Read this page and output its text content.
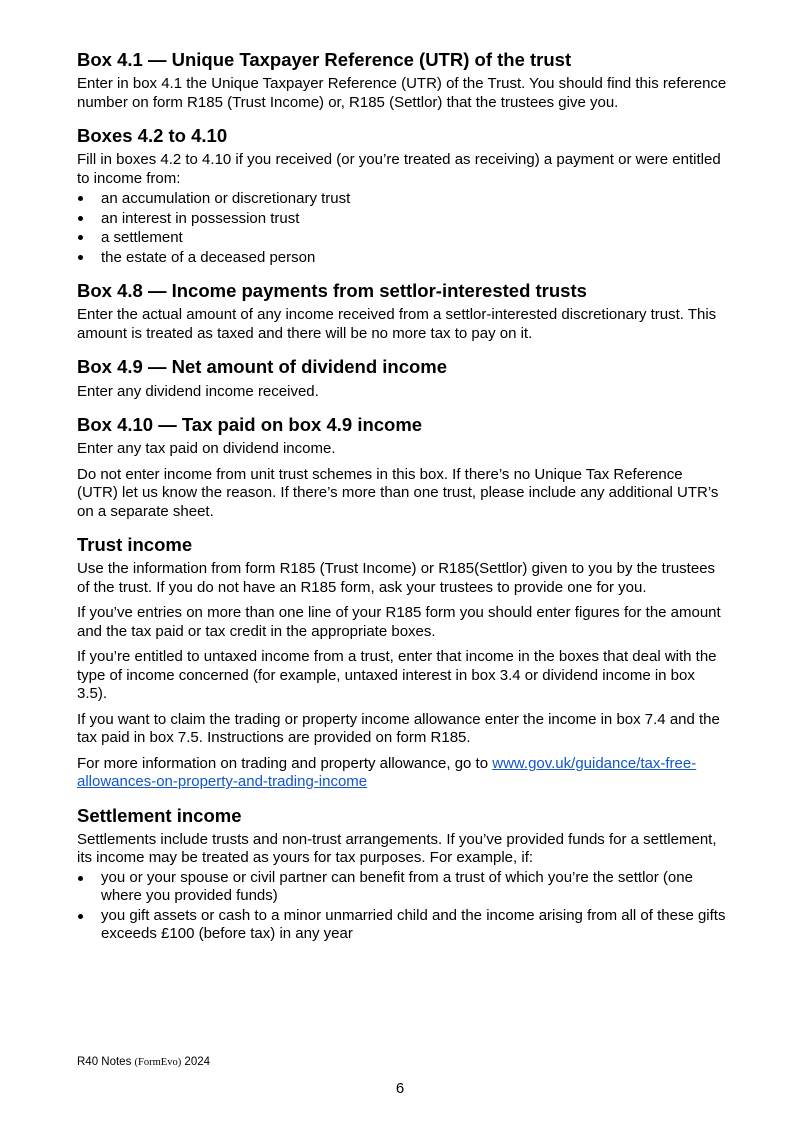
Box 4.1 — Unique Taxpayer Reference (UTR) of the trust

Enter in box 4.1 the Unique Taxpayer Reference (UTR) of the Trust. You should find this reference number on form R185 (Trust Income) or, R185 (Settlor) that the trustees give you.

Boxes 4.2 to 4.10

Fill in boxes 4.2 to 4.10 if you received (or you’re treated as receiving) a payment or were entitled to income from:

an accumulation or discretionary trust
an interest in possession trust
a settlement
the estate of a deceased person
Box 4.8 — Income payments from settlor-interested trusts

Enter the actual amount of any income received from a settlor-interested discretionary trust. This amount is treated as taxed and there will be no more tax to pay on it.

Box 4.9 — Net amount of dividend income

Enter any dividend income received.

Box 4.10 — Tax paid on box 4.9 income

Enter any tax paid on dividend income.

Do not enter income from unit trust schemes in this box. If there’s no Unique Tax Reference (UTR) let us know the reason. If there’s more than one trust, please include any additional UTR’s on a separate sheet.

Trust income

Use the information from form R185 (Trust Income) or R185(Settlor) given to you by the trustees of the trust. If you do not have an R185 form, ask your trustees to provide one for you.

If you’ve entries on more than one line of your R185 form you should enter figures for the amount and the tax paid or tax credit in the appropriate boxes.

If you’re entitled to untaxed income from a trust, enter that income in the boxes that deal with the type of income concerned (for example, untaxed interest in box 3.4 or dividend income in box 3.5).

If you want to claim the trading or property income allowance enter the income in box 7.4 and the tax paid in box 7.5. Instructions are provided on form R185.

For more information on trading and property allowance, go to www.gov.uk/guidance/tax-free-allowances-on-property-and-trading-income

Settlement income

Settlements include trusts and non-trust arrangements. If you’ve provided funds for a settlement, its income may be treated as yours for tax purposes. For example, if:

you or your spouse or civil partner can benefit from a trust of which you’re the settlor (one where you provided funds)
you gift assets or cash to a minor unmarried child and the income arising from all of these gifts exceeds £100 (before tax) in any year
R40 Notes (FormEvo) 2024
6
